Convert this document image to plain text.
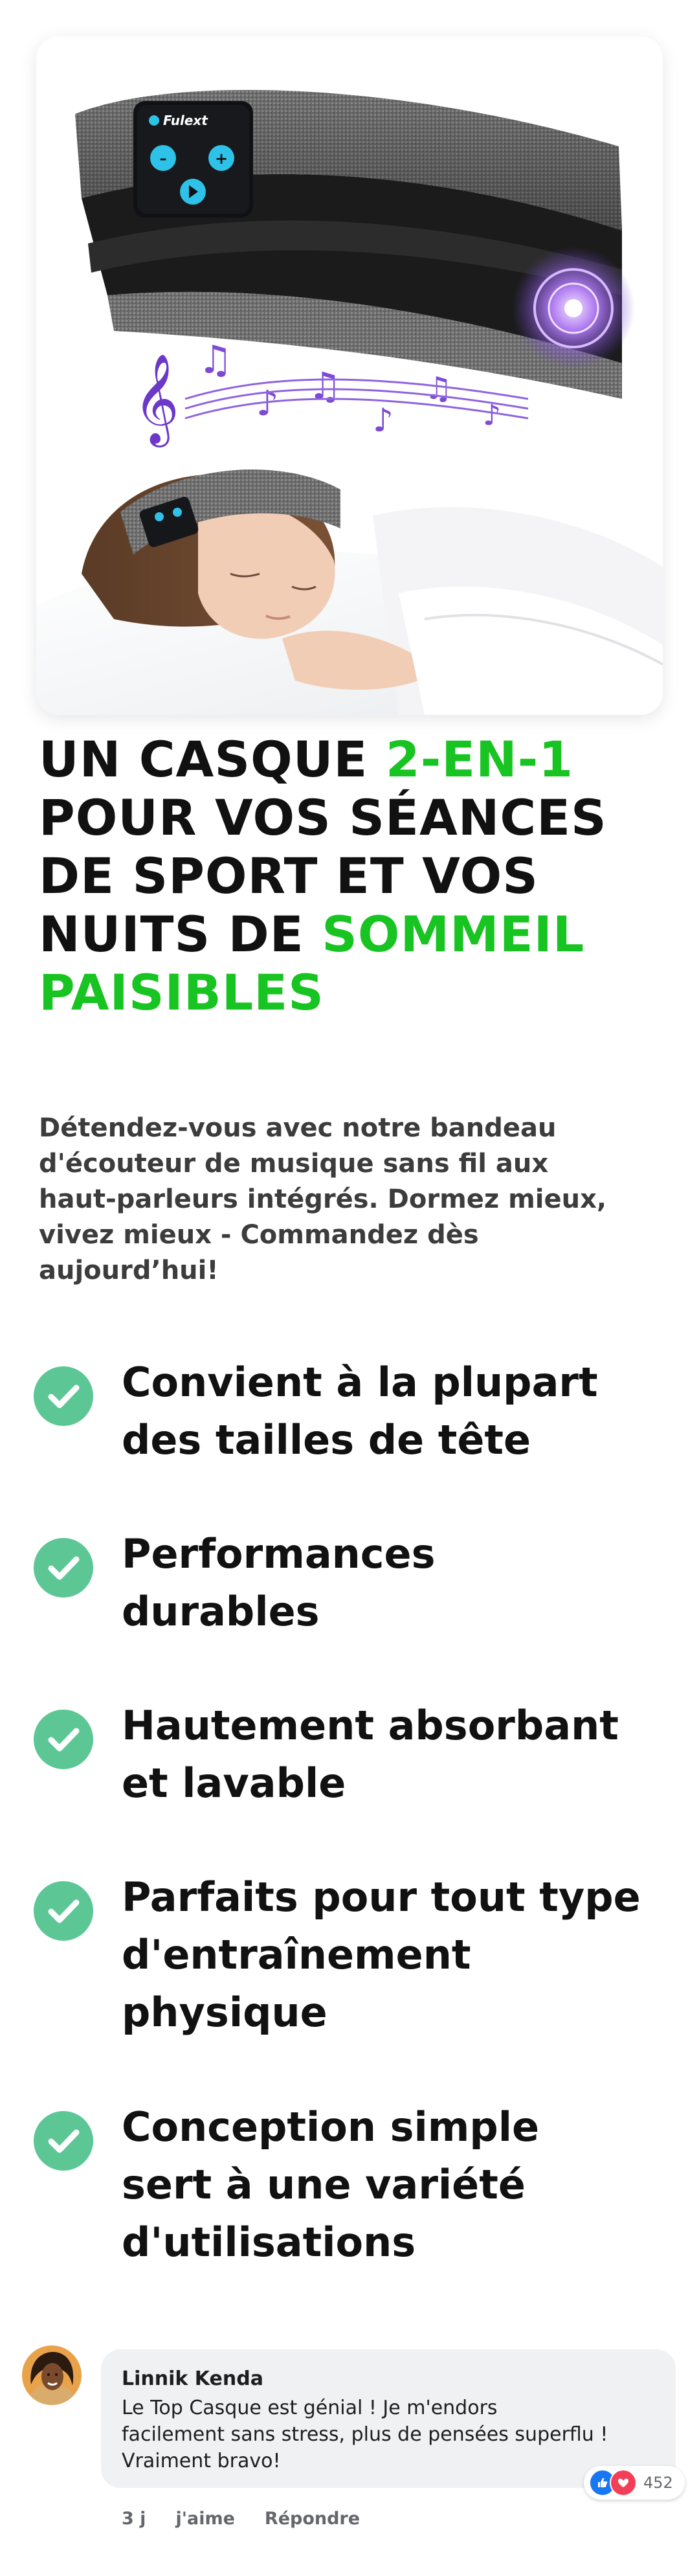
Fulext
–	+
𝄞 ♫
♪ ♫
♪
♫
♪
UN CASQUE 2-EN-1
POUR VOS SÉANCES
DE SPORT ET VOS
NUITS DE SOMMEIL
PAISIBLES

Détendez-vous avec notre bandeau
d'écouteur de musique sans fil aux
haut-parleurs intégrés. Dormez mieux,
vivez mieux - Commandez dès
aujourd’hui!

Convient à la plupart
des tailles de tête

Performances
durables

Hautement absorbant
et lavable

Parfaits pour tout type
d'entraînement
physique

Conception simple
sert à une variété
d'utilisations

Linnik Kenda

Le Top Casque est génial ! Je m'endors
facilement sans stress, plus de pensées superflu !
Vraiment bravo!

452
3 j j'aime Répondre
